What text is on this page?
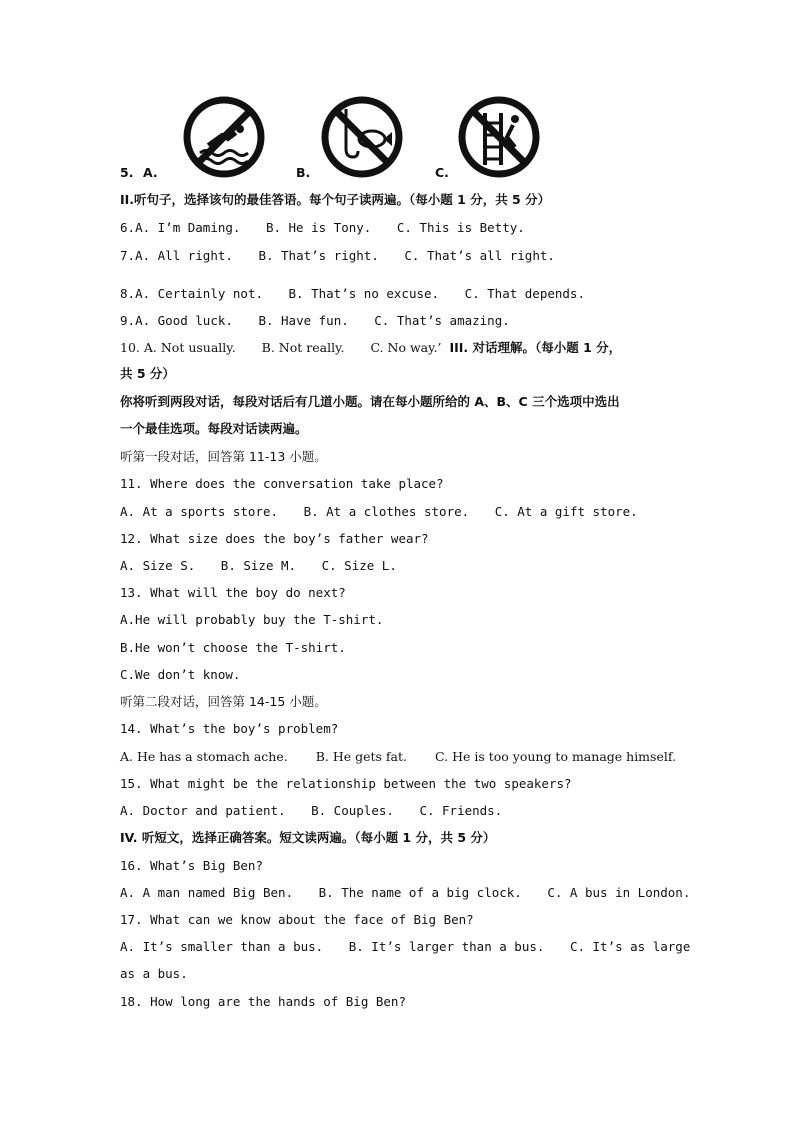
5. A.	B.	C.
II.听句子，选择该句的最佳答语。每个句子读两遍。（每小题 1 分，共 5 分）
6.A. I’m Daming. B. He is Tony. C. This is Betty.
7.A. All right. B. That’s right. C. That’s all right.
8.A. Certainly not. B. That’s no excuse. C. That depends.
9.A. Good luck. B. Have fun. C. That’s amazing.
10. A. Not usually. B. Not really. C. No way.’ III. 对话理解。（每小题 1 分，
共 5 分）
你将听到两段对话，每段对话后有几道小题。请在每小题所给的 A、B、C 三个选项中选出
一个最佳选项。每段对话读两遍。
听第一段对话，回答第 11-13 小题。
11. Where does the conversation take place?
A. At a sports store. B. At a clothes store. C. At a gift store.
12. What size does the boy’s father wear?
A. Size S. B. Size M. C. Size L.
13. What will the boy do next?
A.He will probably buy the T-shirt.
B.He won’t choose the T-shirt.
C.We don’t know.
听第二段对话，回答第 14-15 小题。
14. What’s the boy’s problem?
A. He has a stomach ache. B. He gets fat. C. He is too young to manage himself.
15. What might be the relationship between the two speakers?
A. Doctor and patient. B. Couples. C. Friends.
IV. 听短文，选择正确答案。短文读两遍。（每小题 1 分，共 5 分）
16. What’s Big Ben?
A. A man named Big Ben. B. The name of a big clock. C. A bus in London.
17. What can we know about the face of Big Ben?
A. It’s smaller than a bus. B. It’s larger than a bus. C. It’s as large
as a bus.
18. How long are the hands of Big Ben?
